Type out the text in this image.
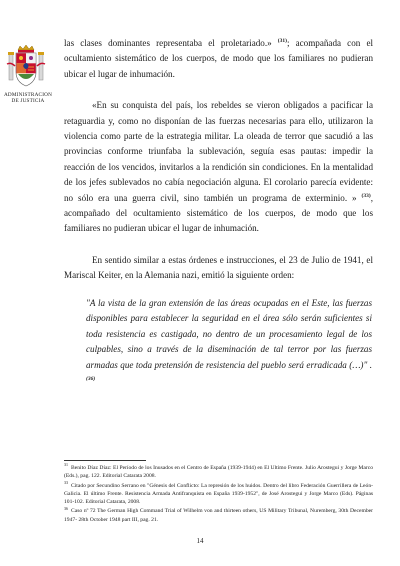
ADMINISTRACION
DE JUSTICIA

las clases dominantes representaba el proletariado.» $^{(31)}$; acompañada con el ocultamiento sistemático de los cuerpos, de modo que los familiares no pudieran ubicar el lugar de inhumación.

«En su conquista del país, los rebeldes se vieron obligados a pacificar la retaguardia y, como no disponían de las fuerzas necesarias para ello, utilizaron la violencia como parte de la estrategia militar. La oleada de terror que sacudió a las provincias conforme triunfaba la sublevación, seguía esas pautas: impedir la reacción de los vencidos, invitarlos a la rendición sin condiciones. En la mentalidad de los jefes sublevados no cabía negociación alguna. El corolario parecía evidente: no sólo era una guerra civil, sino también un programa de exterminio. » $^{(33)}$, acompañado del ocultamiento sistemático de los cuerpos, de modo que los familiares no pudieran ubicar el lugar de inhumación.

En sentido similar a estas órdenes e instrucciones, el 23 de Julio de 1941, el Mariscal Keiter, en la Alemania nazi, emitió la siguiente orden:

"A la vista de la gran extensión de las áreas ocupadas en el Este, las fuerzas disponibles para establecer la seguridad en el área sólo serán suficientes si toda resistencia es castigada, no dentro de un procesamiento legal de los culpables, sino a través de la diseminación de tal terror por las fuerzas armadas que toda pretensión de resistencia del pueblo será erradicada (…)" . $^{(36)}$

$^{31}$Benito Díaz Díaz: El Período de los Inusados en el Centro de España (1939-1944) en El Ultimo Frente. Julio Arostegui y Jorge Marco (Eds.), pag. 122. Editorial Catarata 2008.
$^{33}$Citado por Secundino Serrano en "Génesis del Conflicto: La represión de los huidos. Dentro del libro Federación Guerrillera de León-Galicia. El último Frente. Resistencia Armada Antifranquista en España 1939-1952", de José Arostegui y Jorge Marco (Eds). Páginas 101-102. Editorial Catarata, 2008.
$^{36}$Caso nº 72 The German High Command Trial of Wilhelm von and thirteen others, US Military Tribunal, Nuremberg, 30th December 1947- 28th October 1948 part III, pag. 21.
14
